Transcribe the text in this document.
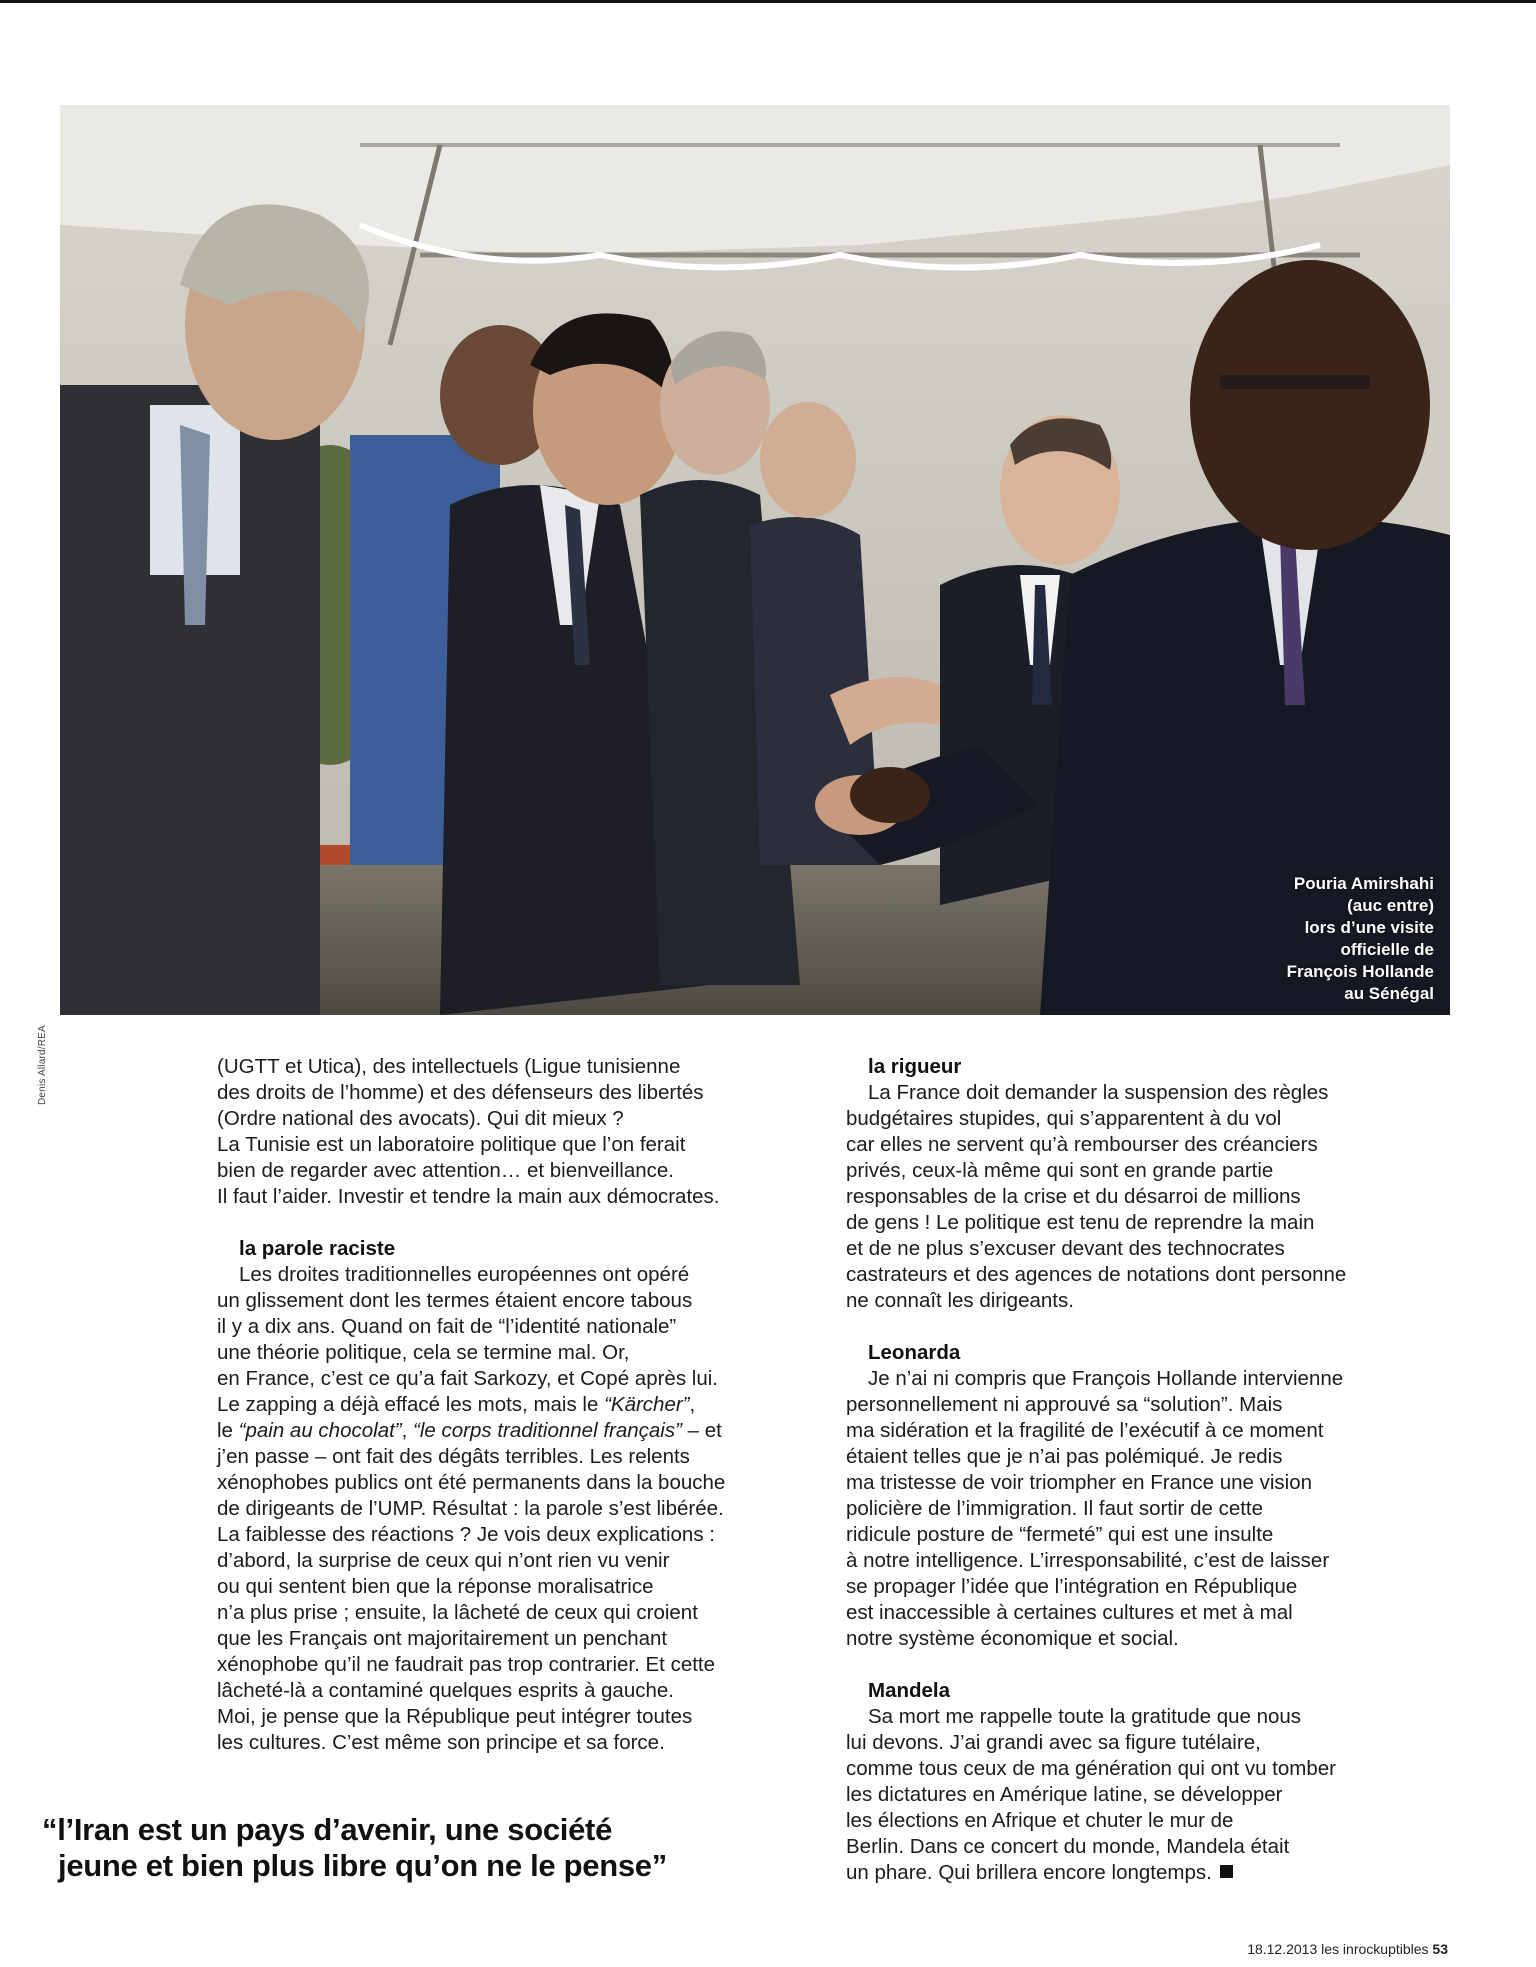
Pouria Amirshahi
(auc entre)
lors d’une visite
officielle de
François Hollande
au Sénégal
Denis Allard/REA	(UGTT et Utica), des intellectuels (Ligue tunisienne
des droits de l’homme) et des défenseurs des libertés
(Ordre national des avocats). Qui dit mieux ?
La Tunisie est un laboratoire politique que l’on ferait
bien de regarder avec attention… et bienveillance.
Il faut l’aider. Investir et tendre la main aux démocrates.

la parole raciste

Les droites traditionnelles européennes ont opéré
un glissement dont les termes étaient encore tabous
il y a dix ans. Quand on fait de “l’identité nationale”
une théorie politique, cela se termine mal. Or,
en France, c’est ce qu’a fait Sarkozy, et Copé après lui.
Le zapping a déjà effacé les mots, mais le “Kärcher”,
le “pain au chocolat”, “le corps traditionnel français” – et
j’en passe – ont fait des dégâts terribles. Les relents
xénophobes publics ont été permanents dans la bouche
de dirigeants de l’UMP. Résultat : la parole s’est libérée.
La faiblesse des réactions ? Je vois deux explications :
d’abord, la surprise de ceux qui n’ont rien vu venir
ou qui sentent bien que la réponse moralisatrice
n’a plus prise ; ensuite, la lâcheté de ceux qui croient
que les Français ont majoritairement un penchant
xénophobe qu’il ne faudrait pas trop contrarier. Et cette
lâcheté-là a contaminé quelques esprits à gauche.
Moi, je pense que la République peut intégrer toutes
les cultures. C’est même son principe et sa force.

la rigueur

La France doit demander la suspension des règles
budgétaires stupides, qui s’apparentent à du vol
car elles ne servent qu’à rembourser des créanciers
privés, ceux-là même qui sont en grande partie
responsables de la crise et du désarroi de millions
de gens ! Le politique est tenu de reprendre la main
et de ne plus s’excuser devant des technocrates
castrateurs et des agences de notations dont personne
ne connaît les dirigeants.

Leonarda

Je n’ai ni compris que François Hollande intervienne
personnellement ni approuvé sa “solution”. Mais
ma sidération et la fragilité de l’exécutif à ce moment
étaient telles que je n’ai pas polémiqué. Je redis
ma tristesse de voir triompher en France une vision
policière de l’immigration. Il faut sortir de cette
ridicule posture de “fermeté” qui est une insulte
à notre intelligence. L’irresponsabilité, c’est de laisser
se propager l’idée que l’intégration en République
est inaccessible à certaines cultures et met à mal
notre système économique et social.

Mandela

Sa mort me rappelle toute la gratitude que nous
lui devons. J’ai grandi avec sa figure tutélaire,
comme tous ceux de ma génération qui ont vu tomber
les dictatures en Amérique latine, se développer
les élections en Afrique et chuter le mur de
Berlin. Dans ce concert du monde, Mandela était
un phare. Qui brillera encore longtemps.

“l’Iran est un pays d’avenir, une société
jeune et bien plus libre qu’on ne le pense”
18.12.2013 les inrockuptibles 53
